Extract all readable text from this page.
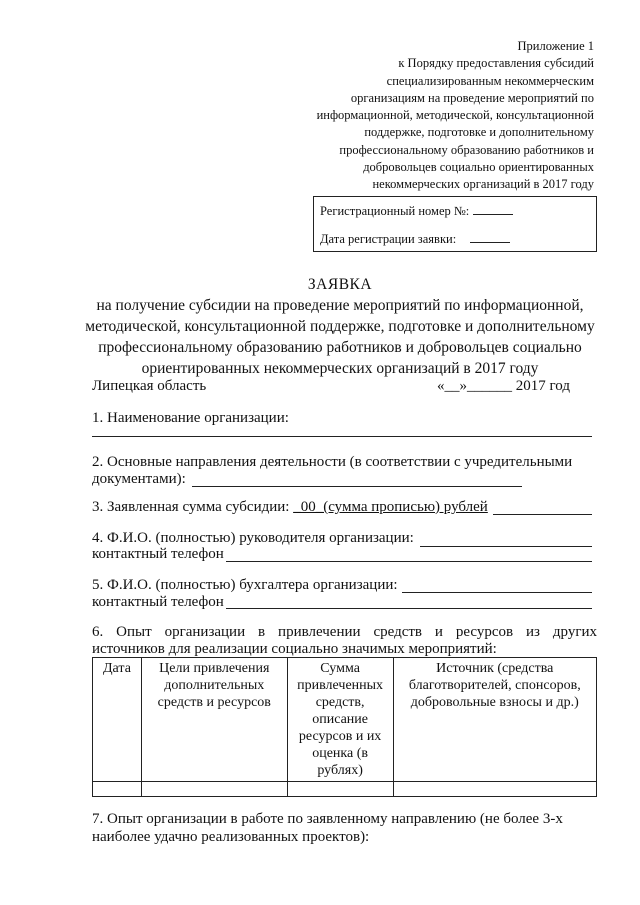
Приложение 1
к Порядку предоставления субсидий
специализированным некоммерческим
организациям на проведение мероприятий по
информационной, методической, консультационной
поддержке, подготовке и дополнительному
профессиональному образованию работников и
добровольцев социально ориентированных
некоммерческих организаций в 2017 году
Регистрационный номер №:
Дата регистрации заявки:
ЗАЯВКА
на получение субсидии на проведение мероприятий по информационной,
методической, консультационной поддержке, подготовке и дополнительному
профессиональному образованию работников и добровольцев социально
ориентированных некоммерческих организаций в 2017 году
Липецкая область	«__»______ 2017 год
1. Наименование организации:
2. Основные направления деятельности (в соответствии с учредительными
документами):
3. Заявленная сумма субсидии: _00_(сумма прописью) рублей
4. Ф.И.О. (полностью) руководителя организации:
контактный телефон
5. Ф.И.О. (полностью) бухгалтера организации:
контактный телефон
6. Опыт организации в привлечении средств и ресурсов из других
источников для реализации социально значимых мероприятий:
Дата	Цели привлечения дополнительных средств и ресурсов	Сумма привлеченных средств, описание ресурсов и их оценка (в рублях)	Источник (средства благотворителей, спонсоров, добровольные взносы и др.)

7. Опыт организации в работе по заявленному направлению (не более 3-х
наиболее удачно реализованных проектов):
